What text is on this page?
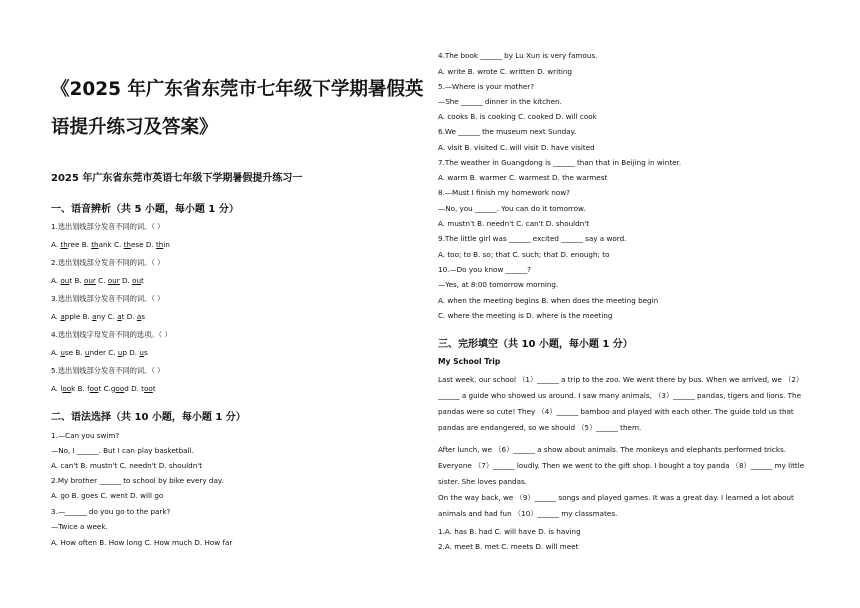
《2025 年广东省东莞市七年级下学期暑假英
语提升练习及答案》
2025 年广东省东莞市英语七年级下学期暑假提升练习一
一、语音辨析（共 5 小题，每小题 1 分）
1.选出划线部分发音不同的词。（ ）
A. three B. thank C. these D. thin
2.选出划线部分发音不同的词。（ ）
A. out B. our C. our D. out
3.选出划线部分发音不同的词。（ ）
A. apple B. any C. at D. as
4.选出划线字母发音不同的选项。（ ）
A. use B. under C. up D. us
5.选出划线部分发音不同的词。（ ）
A. look B. foot C.good D. toot
二、语法选择（共 10 小题，每小题 1 分）
1.—Can you swim?
—No, I ______. But I can play basketball.
A. can't B. mustn't C. needn't D. shouldn't
2.My brother ______ to school by bike every day.
A. go B. goes C. went D. will go
3.—______ do you go to the park?
—Twice a week.
A. How often B. How long C. How much D. How far
4.The book ______ by Lu Xun is very famous.
A. write B. wrote C. written D. writing
5.—Where is your mother?
—She ______ dinner in the kitchen.
A. cooks B. is cooking C. cooked D. will cook
6.We ______ the museum next Sunday.
A. visit B. visited C. will visit D. have visited
7.The weather in Guangdong is ______ than that in Beijing in winter.
A. warm B. warmer C. warmest D. the warmest
8.—Must I finish my homework now?
—No, you ______. You can do it tomorrow.
A. mustn't B. needn't C. can't D. shouldn't
9.The little girl was ______ excited ______ say a word.
A. too; to B. so; that C. such; that D. enough; to
10.—Do you know ______?
—Yes, at 8:00 tomorrow morning.
A. when the meeting begins B. when does the meeting begin
C. where the meeting is D. where is the meeting
三、完形填空（共 10 小题，每小题 1 分）
My School Trip
Last week, our school （1）______ a trip to the zoo. We went there by bus. When we arrived, we （2）______ a guide who showed us around. I saw many animals, （3）______ pandas, tigers and lions. The pandas were so cute! They （4）______ bamboo and played with each other. The guide told us that pandas are endangered, so we should （5）______ them.
After lunch, we （6）______ a show about animals. The monkeys and elephants performed tricks. Everyone （7）______ loudly. Then we went to the gift shop. I bought a toy panda （8）______ my little sister. She loves pandas.
On the way back, we （9）______ songs and played games. It was a great day. I learned a lot about animals and had fun （10）______ my classmates.
1.A. has B. had C. will have D. is having
2.A. meet B. met C. meets D. will meet
